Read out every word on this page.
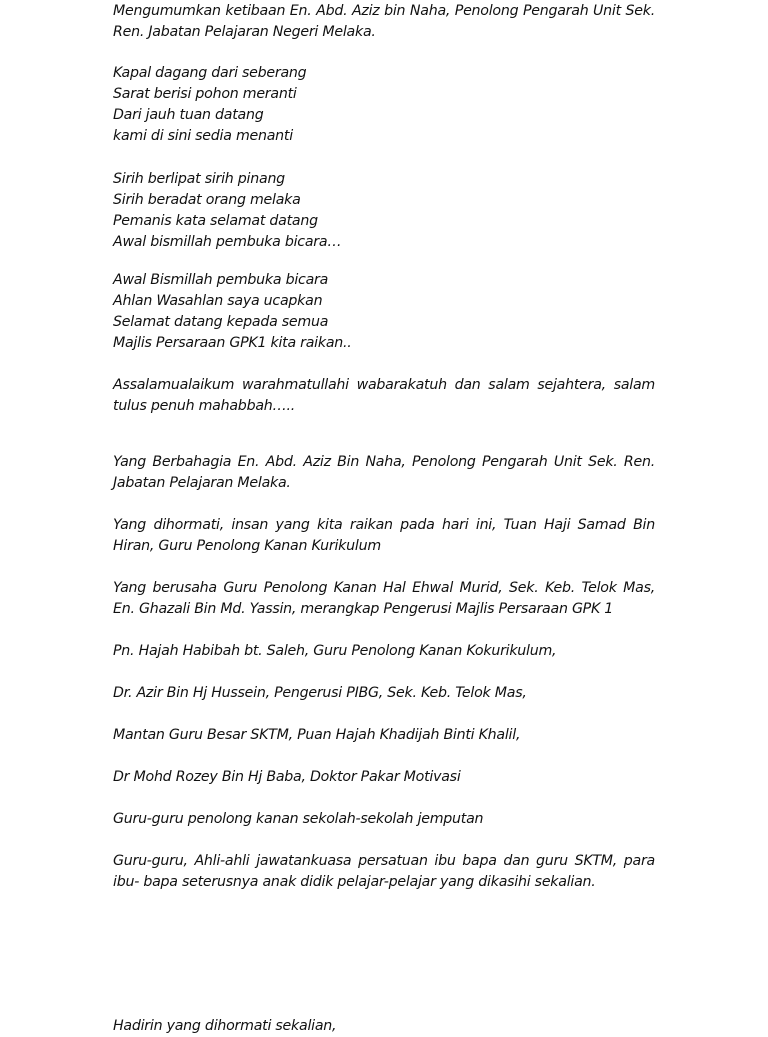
Mengumumkan ketibaan En. Abd. Aziz bin Naha, Penolong Pengarah Unit Sek. Ren. Jabatan Pelajaran Negeri Melaka.

Kapal dagang dari seberang
Sarat berisi pohon meranti
Dari jauh tuan datang
kami di sini sedia menanti
Sirih berlipat sirih pinang
Sirih beradat orang melaka
Pemanis kata selamat datang
Awal bismillah pembuka bicara…
Awal Bismillah pembuka bicara
Ahlan Wasahlan saya ucapkan
Selamat datang kepada semua
Majlis Persaraan GPK1 kita raikan..

Assalamualaikum warahmatullahi wabarakatuh dan salam sejahtera, salam tulus penuh mahabbah…..

Yang Berbahagia En. Abd. Aziz Bin Naha, Penolong Pengarah Unit Sek. Ren. Jabatan Pelajaran Melaka.

Yang dihormati, insan yang kita raikan pada hari ini, Tuan Haji Samad Bin Hiran, Guru Penolong Kanan Kurikulum

Yang berusaha Guru Penolong Kanan Hal Ehwal Murid, Sek. Keb. Telok Mas, En. Ghazali Bin Md. Yassin, merangkap Pengerusi Majlis Persaraan GPK 1

Pn. Hajah Habibah bt. Saleh, Guru Penolong Kanan Kokurikulum,

Dr. Azir Bin Hj Hussein, Pengerusi PIBG, Sek. Keb. Telok Mas,

Mantan Guru Besar SKTM, Puan Hajah Khadijah Binti Khalil,

Dr Mohd Rozey Bin Hj Baba, Doktor Pakar Motivasi

Guru-guru penolong kanan sekolah-sekolah jemputan

Guru-guru, Ahli-ahli jawatankuasa persatuan ibu bapa dan guru SKTM, para ibu- bapa seterusnya anak didik pelajar-pelajar yang dikasihi sekalian.

Hadirin yang dihormati sekalian,
